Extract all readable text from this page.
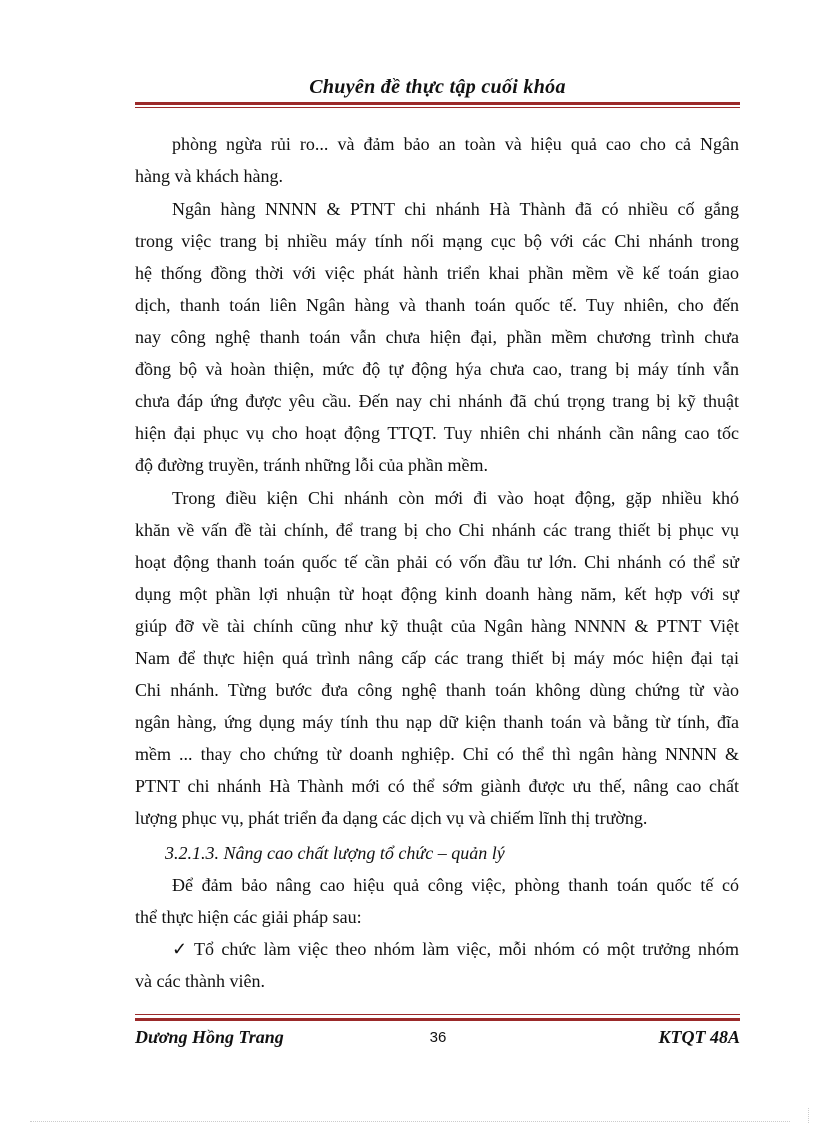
Chuyên đề thực tập cuối khóa
phòng ngừa rủi ro... và đảm bảo an toàn và hiệu quả cao cho cả Ngân
hàng và khách hàng.
Ngân hàng NNNN & PTNT chi nhánh Hà Thành đã có nhiều cố gắng
trong việc trang bị nhiều máy tính nối mạng cục bộ với các Chi nhánh trong
hệ thống đồng thời với việc phát hành triển khai phần mềm về kế toán giao
dịch, thanh toán liên Ngân hàng và thanh toán quốc tế. Tuy nhiên, cho đến
nay công nghệ thanh toán vẫn chưa hiện đại, phần mềm chương trình chưa
đồng bộ và hoàn thiện, mức độ tự động hýa chưa cao, trang bị máy tính vẫn
chưa đáp ứng được yêu cầu. Đến nay chi nhánh đã chú trọng trang bị kỹ thuật
hiện đại phục vụ cho hoạt động TTQT. Tuy nhiên chi nhánh cần nâng cao tốc
độ đường truyền, tránh những lỗi của phần mềm.
Trong điều kiện Chi nhánh còn mới đi vào hoạt động, gặp nhiều khó
khăn về vấn đề tài chính, để trang bị cho Chi nhánh các trang thiết bị phục vụ
hoạt động thanh toán quốc tế cần phải có vốn đầu tư lớn. Chi nhánh có thể sử
dụng một phần lợi nhuận từ hoạt động kinh doanh hàng năm, kết hợp với sự
giúp đỡ về tài chính cũng như kỹ thuật của Ngân hàng NNNN & PTNT Việt
Nam để thực hiện quá trình nâng cấp các trang thiết bị máy móc hiện đại tại
Chi nhánh. Từng bước đưa công nghệ thanh toán không dùng chứng từ vào
ngân hàng, ứng dụng máy tính thu nạp dữ kiện thanh toán và bằng từ tính, đĩa
mềm ... thay cho chứng từ doanh nghiệp. Chỉ có thể thì ngân hàng NNNN &
PTNT chi nhánh Hà Thành mới có thể sớm giành được ưu thế, nâng cao chất
lượng phục vụ, phát triển đa dạng các dịch vụ và chiếm lĩnh thị trường.
3.2.1.3. Nâng cao chất lượng tổ chức – quản lý
Để đảm bảo nâng cao hiệu quả công việc, phòng thanh toán quốc tế có
thể thực hiện các giải pháp sau:
✓ Tổ chức làm việc theo nhóm làm việc, mỗi nhóm có một trưởng nhóm
và các thành viên.
Dương Hồng Trang	36	KTQT 48A
